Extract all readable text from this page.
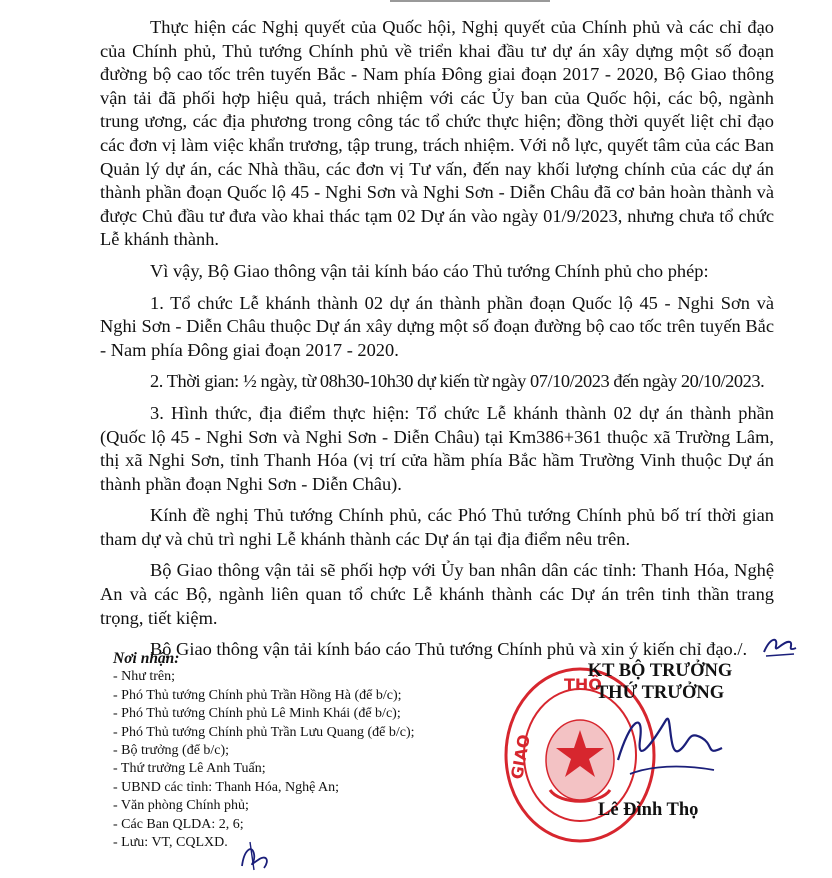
Thực hiện các Nghị quyết của Quốc hội, Nghị quyết của Chính phủ và các chỉ đạo của Chính phủ, Thủ tướng Chính phủ về triển khai đầu tư dự án xây dựng một số đoạn đường bộ cao tốc trên tuyến Bắc - Nam phía Đông giai đoạn 2017 - 2020, Bộ Giao thông vận tải đã phối hợp hiệu quả, trách nhiệm với các Ủy ban của Quốc hội, các bộ, ngành trung ương, các địa phương trong công tác tổ chức thực hiện; đồng thời quyết liệt chỉ đạo các đơn vị làm việc khẩn trương, tập trung, trách nhiệm. Với nỗ lực, quyết tâm của các Ban Quản lý dự án, các Nhà thầu, các đơn vị Tư vấn, đến nay khối lượng chính của các dự án thành phần đoạn Quốc lộ 45 - Nghi Sơn và Nghi Sơn - Diễn Châu đã cơ bản hoàn thành và được Chủ đầu tư đưa vào khai thác tạm 02 Dự án vào ngày 01/9/2023, nhưng chưa tổ chức Lễ khánh thành.

Vì vậy, Bộ Giao thông vận tải kính báo cáo Thủ tướng Chính phủ cho phép:

1. Tổ chức Lễ khánh thành 02 dự án thành phần đoạn Quốc lộ 45 - Nghi Sơn và Nghi Sơn - Diễn Châu thuộc Dự án xây dựng một số đoạn đường bộ cao tốc trên tuyến Bắc - Nam phía Đông giai đoạn 2017 - 2020.

2. Thời gian: ½ ngày, từ 08h30-10h30 dự kiến từ ngày 07/10/2023 đến ngày 20/10/2023.

3. Hình thức, địa điểm thực hiện: Tổ chức Lễ khánh thành 02 dự án thành phần (Quốc lộ 45 - Nghi Sơn và Nghi Sơn - Diễn Châu) tại Km386+361 thuộc xã Trường Lâm, thị xã Nghi Sơn, tỉnh Thanh Hóa (vị trí cửa hầm phía Bắc hầm Trường Vinh thuộc Dự án thành phần đoạn Nghi Sơn - Diễn Châu).

Kính đề nghị Thủ tướng Chính phủ, các Phó Thủ tướng Chính phủ bố trí thời gian tham dự và chủ trì nghi Lễ khánh thành các Dự án tại địa điểm nêu trên.

Bộ Giao thông vận tải sẽ phối hợp với Ủy ban nhân dân các tỉnh: Thanh Hóa, Nghệ An và các Bộ, ngành liên quan tổ chức Lễ khánh thành các Dự án trên tinh thần trang trọng, tiết kiệm.

Bộ Giao thông vận tải kính báo cáo Thủ tướng Chính phủ và xin ý kiến chỉ đạo./.

Nơi nhận:
- Như trên;
- Phó Thủ tướng Chính phủ Trần Hồng Hà (để b/c);
- Phó Thủ tướng Chính phủ Lê Minh Khái (để b/c);
- Phó Thủ tướng Chính phủ Trần Lưu Quang (để b/c);
- Bộ trưởng (để b/c);
- Thứ trưởng Lê Anh Tuấn;
- UBND các tỉnh: Thanh Hóa, Nghệ An;
- Văn phòng Chính phủ;
- Các Ban QLDA: 2, 6;
- Lưu: VT, CQLXD.
THỐ
GIAO
KT BỘ TRƯỞNG
THỨ TRƯỞNG
Lê Đình Thọ
